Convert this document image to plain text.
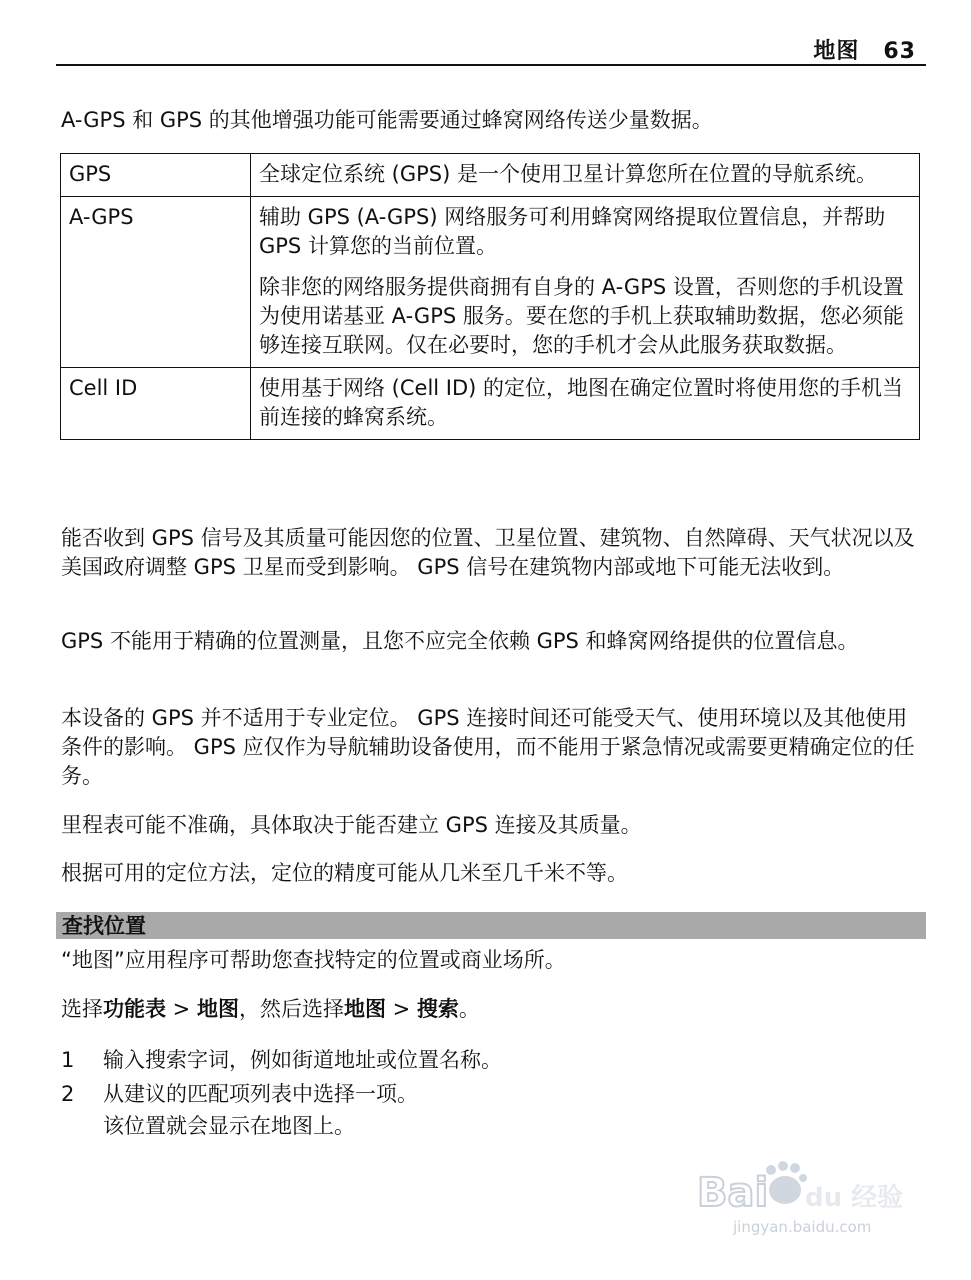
地图 63

A-GPS 和 GPS 的其他增强功能可能需要通过蜂窝网络传送少量数据。

GPS	全球定位系统 (GPS) 是一个使用卫星计算您所在位置的导航系统。

A-GPS	辅助 GPS (A-GPS) 网络服务可利用蜂窝网络提取位置信息，并帮助 GPS 计算您的当前位置。

除非您的网络服务提供商拥有自身的 A-GPS 设置，否则您的手机设置为使用诺基亚 A-GPS 服务。要在您的手机上获取辅助数据，您必须能够连接互联网。仅在必要时，您的手机才会从此服务获取数据。

Cell ID	使用基于网络 (Cell ID) 的定位，地图在确定位置时将使用您的手机当前连接的蜂窝系统。

能否收到 GPS 信号及其质量可能因您的位置、卫星位置、建筑物、自然障碍、天气状况以及美国政府调整 GPS 卫星而受到影响。 GPS 信号在建筑物内部或地下可能无法收到。

GPS 不能用于精确的位置测量，且您不应完全依赖 GPS 和蜂窝网络提供的位置信息。

本设备的 GPS 并不适用于专业定位。 GPS 连接时间还可能受天气、使用环境以及其他使用条件的影响。 GPS 应仅作为导航辅助设备使用，而不能用于紧急情况或需要更精确定位的任务。

里程表可能不准确，具体取决于能否建立 GPS 连接及其质量。

根据可用的定位方法，定位的精度可能从几米至几千米不等。

查找位置

“地图”应用程序可帮助您查找特定的位置或商业场所。

选择功能表 > 地图，然后选择地图 > 搜索。

1 输入搜索字词，例如街道地址或位置名称。
2 从建议的匹配项列表中选择一项。
该位置就会显示在地图上。
Bai du 经验
jingyan.baidu.com
